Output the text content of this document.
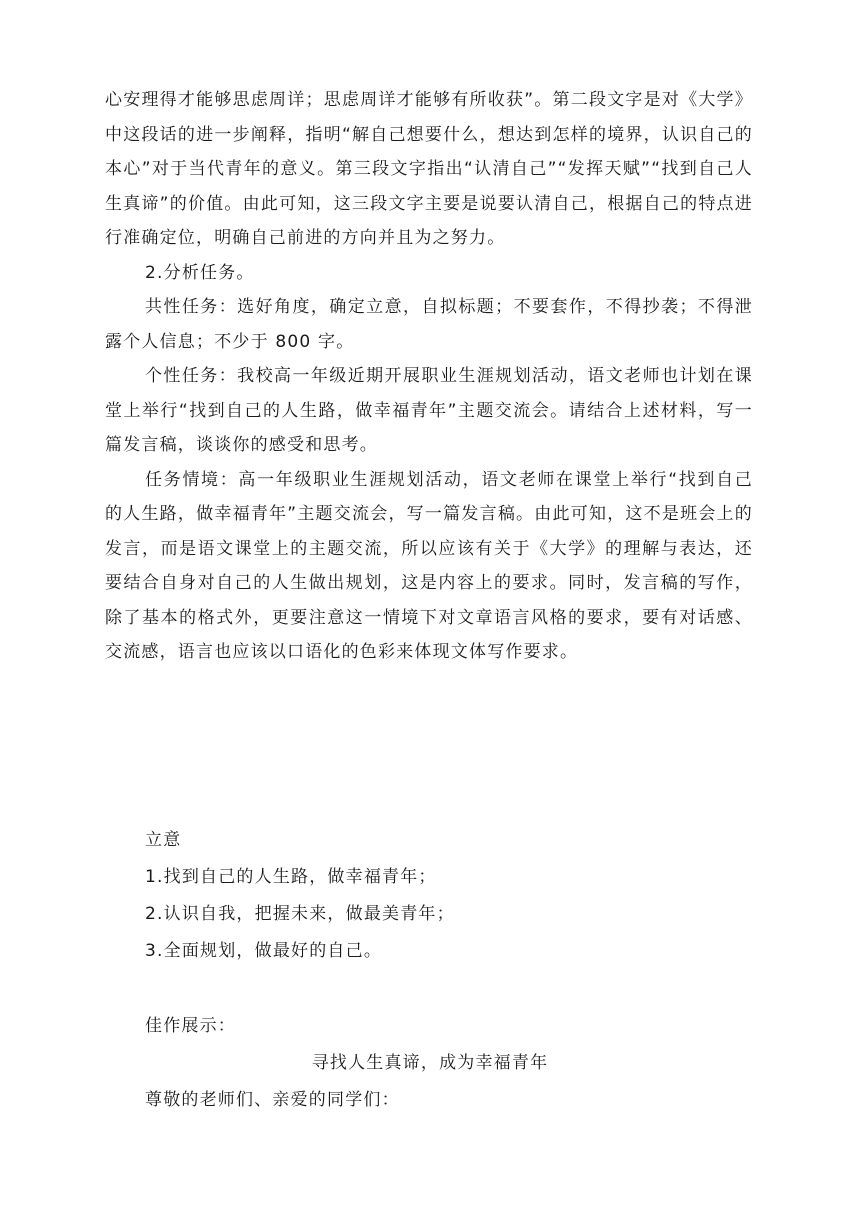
心安理得才能够思虑周详；思虑周详才能够有所收获”。第二段文字是对《大学》中这段话的进一步阐释，指明“解自己想要什么，想达到怎样的境界，认识自己的本心”对于当代青年的意义。第三段文字指出“认清自己”“发挥天赋”“找到自己人生真谛”的价值。由此可知，这三段文字主要是说要认清自己，根据自己的特点进行准确定位，明确自己前进的方向并且为之努力。

2.分析任务。

共性任务：选好角度，确定立意，自拟标题；不要套作，不得抄袭；不得泄露个人信息；不少于 800 字。

个性任务：我校高一年级近期开展职业生涯规划活动，语文老师也计划在课堂上举行“找到自己的人生路，做幸福青年”主题交流会。请结合上述材料，写一篇发言稿，谈谈你的感受和思考。

任务情境：高一年级职业生涯规划活动，语文老师在课堂上举行“找到自己的人生路，做幸福青年”主题交流会，写一篇发言稿。由此可知，这不是班会上的发言，而是语文课堂上的主题交流，所以应该有关于《大学》的理解与表达，还要结合自身对自己的人生做出规划，这是内容上的要求。同时，发言稿的写作，除了基本的格式外，更要注意这一情境下对文章语言风格的要求，要有对话感、交流感，语言也应该以口语化的色彩来体现文体写作要求。

立意
1.找到自己的人生路，做幸福青年；
2.认识自我，把握未来，做最美青年；
3.全面规划，做最好的自己。
佳作展示：
寻找人生真谛，成为幸福青年
尊敬的老师们、亲爱的同学们：
